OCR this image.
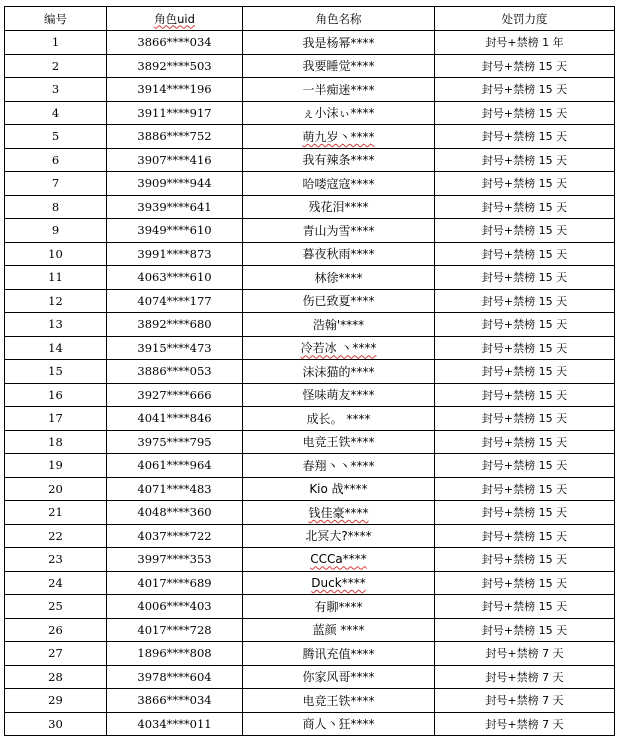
编号	角色uid	角色名称	处罚力度
1	3866****034	我是杨幂****	封号+禁榜 1 年
2	3892****503	我要睡觉****	封号+禁榜 15 天
3	3914****196	一半痴迷****	封号+禁榜 15 天
4	3911****917	ぇ小沫ぃ****	封号+禁榜 15 天
5	3886****752	萌九岁丶****	封号+禁榜 15 天
6	3907****416	我有辣条****	封号+禁榜 15 天
7	3909****944	哈喽寇寇****	封号+禁榜 15 天
8	3939****641	残花泪****	封号+禁榜 15 天
9	3949****610	青山为雪****	封号+禁榜 15 天
10	3991****873	暮夜秋雨****	封号+禁榜 15 天
11	4063****610	林徐****	封号+禁榜 15 天
12	4074****177	伤已致夏****	封号+禁榜 15 天
13	3892****680	浩翰'****	封号+禁榜 15 天
14	3915****473	冷若冰 丶****	封号+禁榜 15 天
15	3886****053	沫沫猫的****	封号+禁榜 15 天
16	3927****666	怪味萌友****	封号+禁榜 15 天
17	4041****846	成长。 ****	封号+禁榜 15 天
18	3975****795	电竞王铁****	封号+禁榜 15 天
19	4061****964	春翔丶丶****	封号+禁榜 15 天
20	4071****483	Kio 战****	封号+禁榜 15 天
21	4048****360	钱佳豪****	封号+禁榜 15 天
22	4037****722	北冥大?****	封号+禁榜 15 天
23	3997****353	CCCa****	封号+禁榜 15 天
24	4017****689	Duck****	封号+禁榜 15 天
25	4006****403	有聊****	封号+禁榜 15 天
26	4017****728	蓝颜 ****	封号+禁榜 15 天
27	1896****808	腾讯充值****	封号+禁榜 7 天
28	3978****604	你家风哥****	封号+禁榜 7 天
29	3866****034	电竞王铁****	封号+禁榜 7 天
30	4034****011	商人丶狂****	封号+禁榜 7 天
